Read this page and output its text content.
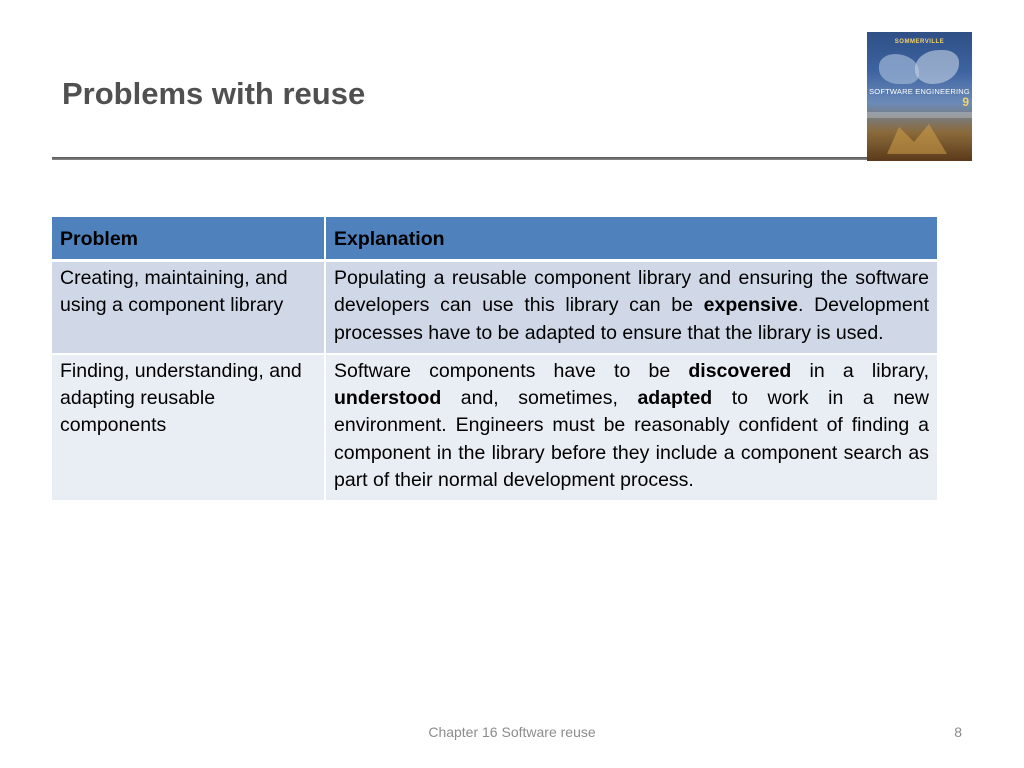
Problems with reuse
SOMMERVILLE
SOFTWARE ENGINEERING
9
Problem	Explanation
Creating, maintaining, and using a component library	Populating a reusable component library and ensuring the software developers can use this library can be expensive. Development processes have to be adapted to ensure that the library is used.
Finding, understanding, and adapting reusable components	Software components have to be discovered in a library, understood and, sometimes, adapted to work in a new environment. Engineers must be reasonably confident of finding a component in the library before they include a component search as part of their normal development process.
Chapter 16 Software reuse	8
